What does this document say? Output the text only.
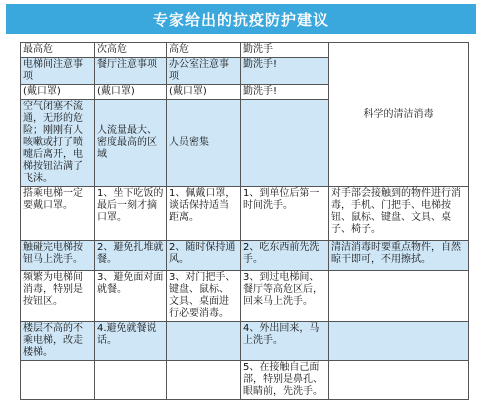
专家给出的抗疫防护建议
最高危	次高危	高危	勤洗手	科学的清洁消毒
电梯间注意事项	餐厅注意事项	办公室注意事项	勤洗手!	
(戴口罩)	(戴口罩)	(戴口罩)	勤洗手!	
空气闭塞不流通，无形的危险；刚刚有人咳嗽或打了喷嚏后离开，电梯按钮沾满了飞沫。	人流量最大、密度最高的区域	人员密集		
搭乘电梯一定要戴口罩。	1、坐下吃饭的最后一刻才摘口罩。	1、佩戴口罩，谈话保持适当距离。	1、到单位后第一时间洗手。	对手部会接触到的物件进行消毒，手机、门把手、电梯按钮、鼠标、键盘、文具、桌子、椅子。
触碰完电梯按钮马上洗手。	2、避免扎堆就餐。	2、随时保持通风。	2、吃东西前先洗手。	清洁消毒时要重点物件，自然晾干即可，不用擦拭。
频繁为电梯间消毒，特别是按钮区。	3、避免面对面就餐。	3、对门把手、键盘、鼠标、文具、桌面进行必要消毒。	3、到过电梯间、餐厅等高危区后，回来马上洗手。	
楼层不高的不乘电梯，改走楼梯。	4.避免就餐说话。		4、外出回来，马上洗手。	
			5、在接触自己面部，特别是鼻孔、眼睛前，先洗手。	
